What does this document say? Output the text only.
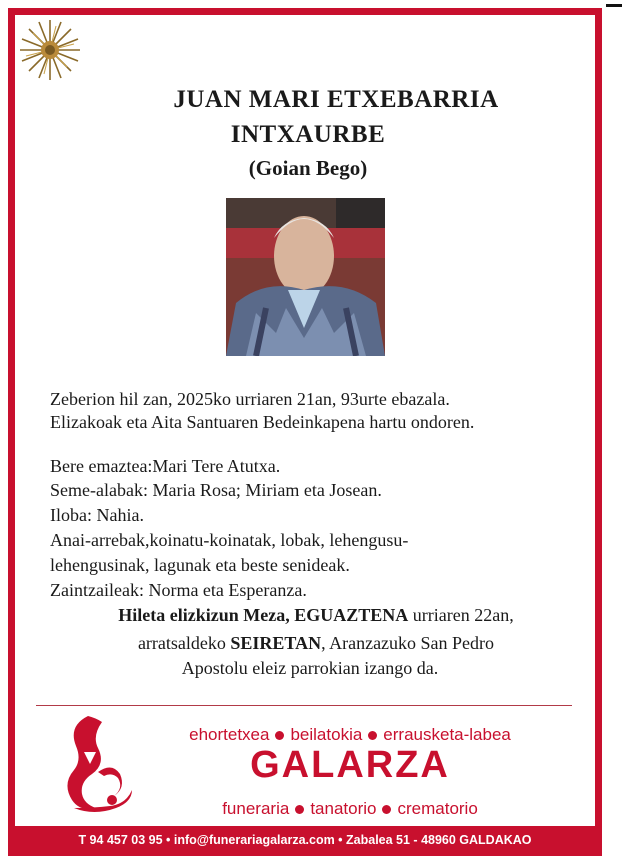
JUAN MARI ETXEBARRIA
INTXAURBE
(Goian Bego)
Zeberion hil zan, 2025ko urriaren 21an, 93urte ebazala.
Elizakoak eta Aita Santuaren Bedeinkapena hartu ondoren.
Bere emaztea:Mari Tere Atutxa.
Seme-alabak: Maria Rosa; Miriam eta Josean.
Iloba: Nahia.
Anai-arrebak,koinatu-koinatak, lobak, lehengusu-
lehengusinak, lagunak eta beste senideak.
Zaintzaileak: Norma eta Esperanza.
Hileta elizkizun Meza, EGUAZTENA urriaren 22an,
arratsaldeko SEIRETAN, Aranzazuko San Pedro
Apostolu eleiz parrokian izango da.
ehortetxea beilatokia errausketa-labea
GALARZA
funeraria tanatorio crematorio
T 94 457 03 95 • info@funerariagalarza.com • Zabalea 51 - 48960 GALDAKAO
